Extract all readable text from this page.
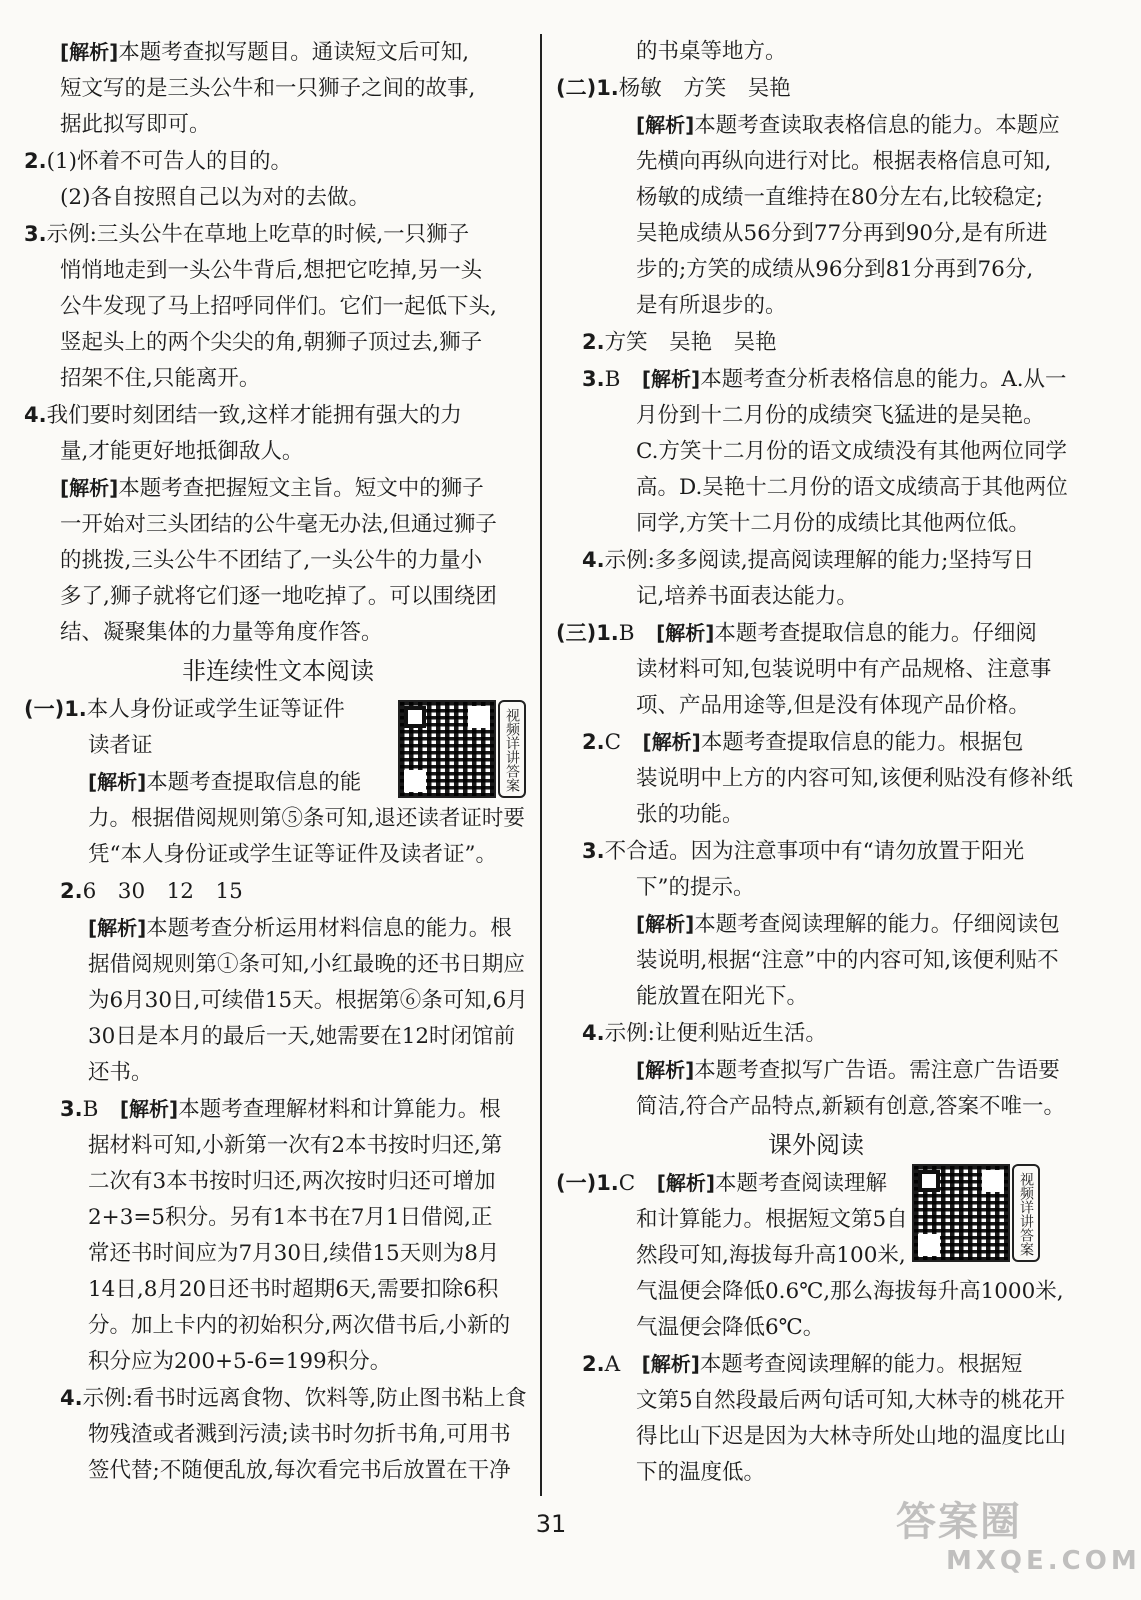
[解析]本题考查拟写题目。通读短文后可知,
短文写的是三头公牛和一只狮子之间的故事,
据此拟写即可。
2.(1)怀着不可告人的目的。
(2)各自按照自己以为对的去做。
3.示例:三头公牛在草地上吃草的时候,一只狮子
悄悄地走到一头公牛背后,想把它吃掉,另一头
公牛发现了马上招呼同伴们。它们一起低下头,
竖起头上的两个尖尖的角,朝狮子顶过去,狮子
招架不住,只能离开。
4.我们要时刻团结一致,这样才能拥有强大的力
量,才能更好地抵御敌人。
[解析]本题考查把握短文主旨。短文中的狮子
一开始对三头团结的公牛毫无办法,但通过狮子
的挑拨,三头公牛不团结了,一头公牛的力量小
多了,狮子就将它们逐一地吃掉了。可以围绕团
结、凝聚集体的力量等角度作答。
非连续性文本阅读
(一)1.本人身份证或学生证等证件
读者证
[解析]本题考查提取信息的能
力。根据借阅规则第⑤条可知,退还读者证时要
凭“本人身份证或学生证等证件及读者证”。
2.6　30　12　15
[解析]本题考查分析运用材料信息的能力。根
据借阅规则第①条可知,小红最晚的还书日期应
为6月30日,可续借15天。根据第⑥条可知,6月
30日是本月的最后一天,她需要在12时闭馆前
还书。
3.B　[解析]本题考查理解材料和计算能力。根
据材料可知,小新第一次有2本书按时归还,第
二次有3本书按时归还,两次按时归还可增加
2+3=5积分。另有1本书在7月1日借阅,正
常还书时间应为7月30日,续借15天则为8月
14日,8月20日还书时超期6天,需要扣除6积
分。加上卡内的初始积分,两次借书后,小新的
积分应为200+5-6=199积分。
4.示例:看书时远离食物、饮料等,防止图书粘上食
物残渣或者溅到污渍;读书时勿折书角,可用书
签代替;不随便乱放,每次看完书后放置在干净
的书桌等地方。
(二)1.杨敏　方笑　吴艳
[解析]本题考查读取表格信息的能力。本题应
先横向再纵向进行对比。根据表格信息可知,
杨敏的成绩一直维持在80分左右,比较稳定;
吴艳成绩从56分到77分再到90分,是有所进
步的;方笑的成绩从96分到81分再到76分,
是有所退步的。
2.方笑　吴艳　吴艳
3.B　[解析]本题考查分析表格信息的能力。A.从一
月份到十二月份的成绩突飞猛进的是吴艳。
C.方笑十二月份的语文成绩没有其他两位同学
高。D.吴艳十二月份的语文成绩高于其他两位
同学,方笑十二月份的成绩比其他两位低。
4.示例:多多阅读,提高阅读理解的能力;坚持写日
记,培养书面表达能力。
(三)1.B　[解析]本题考查提取信息的能力。仔细阅
读材料可知,包装说明中有产品规格、注意事
项、产品用途等,但是没有体现产品价格。
2.C　[解析]本题考查提取信息的能力。根据包
装说明中上方的内容可知,该便利贴没有修补纸
张的功能。
3.不合适。因为注意事项中有“请勿放置于阳光
下”的提示。
[解析]本题考查阅读理解的能力。仔细阅读包
装说明,根据“注意”中的内容可知,该便利贴不
能放置在阳光下。
4.示例:让便利贴近生活。
[解析]本题考查拟写广告语。需注意广告语要
简洁,符合产品特点,新颖有创意,答案不唯一。
课外阅读
(一)1.C　[解析]本题考查阅读理解
和计算能力。根据短文第5自
然段可知,海拔每升高100米,
气温便会降低0.6℃,那么海拔每升高1000米,
气温便会降低6℃。
2.A　[解析]本题考查阅读理解的能力。根据短
文第5自然段最后两句话可知,大林寺的桃花开
得比山下迟是因为大林寺所处山地的温度比山
下的温度低。
视频详讲答案
视频详讲答案
31	答案圈
MXQE.COM
